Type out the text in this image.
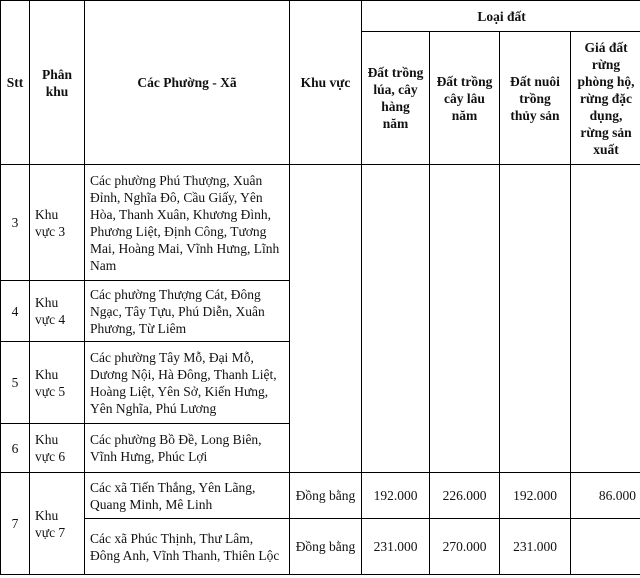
Stt	Phân khu	Các Phường - Xã	Khu vực	Loại đất			
				Đất trồng lúa, cây hàng năm	Đất trồng cây lâu năm	Đất nuôi trồng thủy sản	Giá đất rừng phòng hộ, rừng đặc dụng, rừng sản xuất
3	Khu vực 3	Các phường Phú Thượng, Xuân Đỉnh, Nghĩa Đô, Cầu Giấy, Yên Hòa, Thanh Xuân, Khương Đình, Phương Liệt, Định Công, Tương Mai, Hoàng Mai, Vĩnh Hưng, Lĩnh Nam					
4	Khu vực 4	Các phường Thượng Cát, Đông Ngạc, Tây Tựu, Phú Diễn, Xuân Phương, Từ Liêm					
5	Khu vực 5	Các phường Tây Mỗ, Đại Mỗ, Dương Nội, Hà Đông, Thanh Liệt, Hoàng Liệt, Yên Sở, Kiến Hưng, Yên Nghĩa, Phú Lương					
6	Khu vực 6	Các phường Bồ Đề, Long Biên, Vĩnh Hưng, Phúc Lợi					
7	Khu vực 7	Các xã Tiến Thắng, Yên Lãng, Quang Minh, Mê Linh	Đồng bằng	192.000	226.000	192.000	86.000
		Các xã Phúc Thịnh, Thư Lâm, Đông Anh, Vĩnh Thanh, Thiên Lộc	Đồng bằng	231.000	270.000	231.000	
